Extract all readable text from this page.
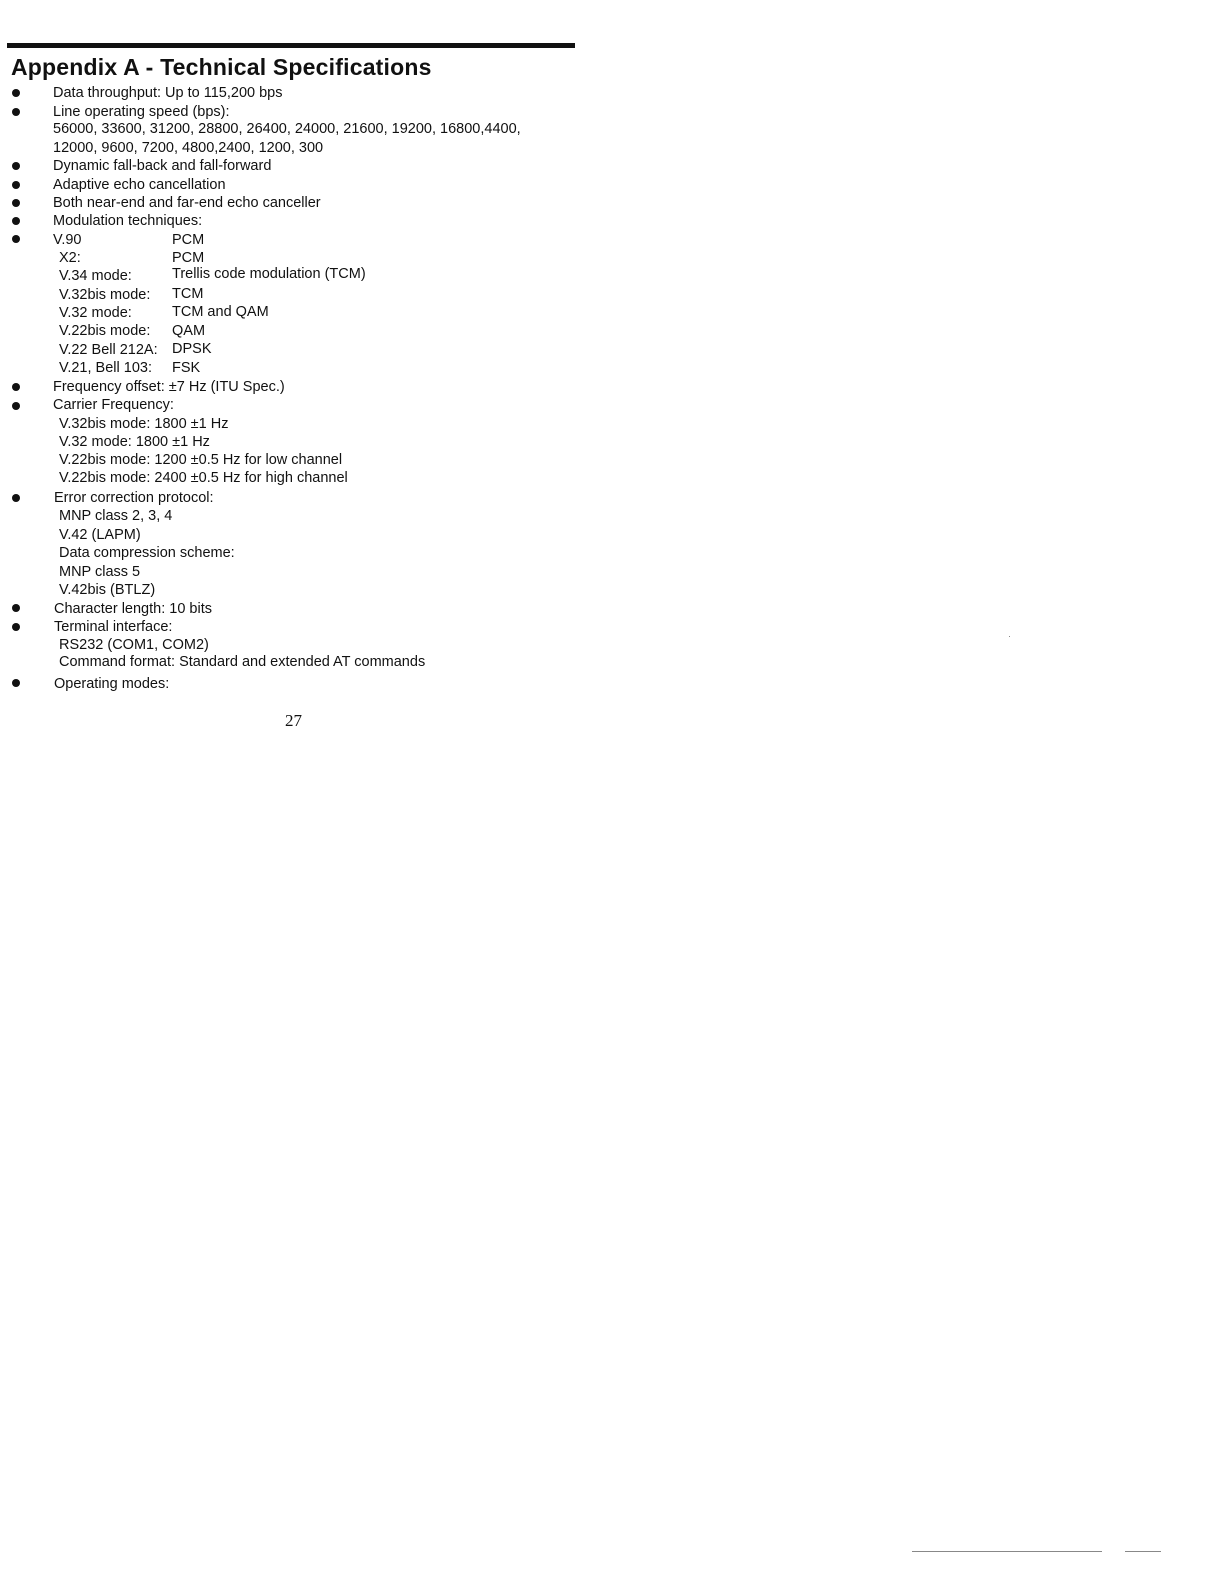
Appendix A - Technical Specifications
Data throughput: Up to 115,200 bps
Line operating speed (bps):
56000, 33600, 31200, 28800, 26400, 24000, 21600, 19200, 16800,4400,
12000, 9600, 7200, 4800,2400, 1200, 300
Dynamic fall-back and fall-forward
Adaptive echo cancellation
Both near-end and far-end echo canceller
Modulation techniques:
V.90	PCM
X2:	PCM
V.34 mode:	Trellis code modulation (TCM)
V.32bis mode: TCM
V.32 mode:	TCM and QAM
V.22bis mode: QAM
V.22 Bell 212A: DPSK
V.21, Bell 103: FSK
Frequency offset: ±7 Hz (ITU Spec.)
Carrier Frequency:
V.32bis mode: 1800 ±1 Hz
V.32 mode: 1800 ±1 Hz
V.22bis mode: 1200 ±0.5 Hz for low channel
V.22bis mode: 2400 ±0.5 Hz for high channel
Error correction protocol:
MNP class 2, 3, 4
V.42 (LAPM)
Data compression scheme:
MNP class 5
V.42bis (BTLZ)
Character length: 10 bits
Terminal interface:
RS232 (COM1, COM2)
Command format: Standard and extended AT commands
Operating modes:
27
